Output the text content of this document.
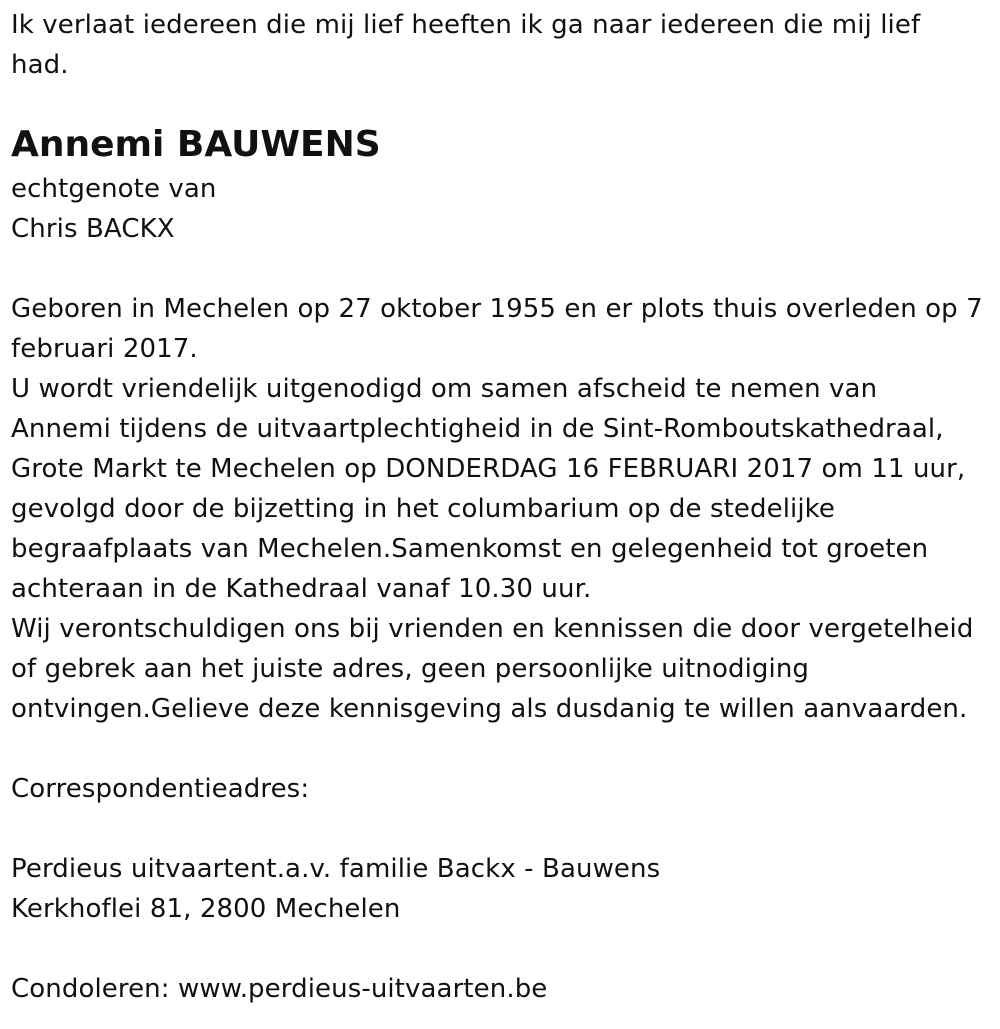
Ik verlaat iedereen die mij lief heeften ik ga naar iedereen die mij lief
had.
Annemi BAUWENS
echtgenote van
Chris BACKX
Geboren in Mechelen op 27 oktober 1955 en er plots thuis overleden op 7
februari 2017.
U wordt vriendelijk uitgenodigd om samen afscheid te nemen van
Annemi tijdens de uitvaartplechtigheid in de Sint-Romboutskathedraal,
Grote Markt te Mechelen op DONDERDAG 16 FEBRUARI 2017 om 11 uur,
gevolgd door de bijzetting in het columbarium op de stedelijke
begraafplaats van Mechelen.Samenkomst en gelegenheid tot groeten
achteraan in de Kathedraal vanaf 10.30 uur.
Wij verontschuldigen ons bij vrienden en kennissen die door vergetelheid
of gebrek aan het juiste adres, geen persoonlijke uitnodiging
ontvingen.Gelieve deze kennisgeving als dusdanig te willen aanvaarden.
Correspondentieadres:
Perdieus uitvaartent.a.v. familie Backx - Bauwens
Kerkhoflei 81, 2800 Mechelen
Condoleren: www.perdieus-uitvaarten.be
